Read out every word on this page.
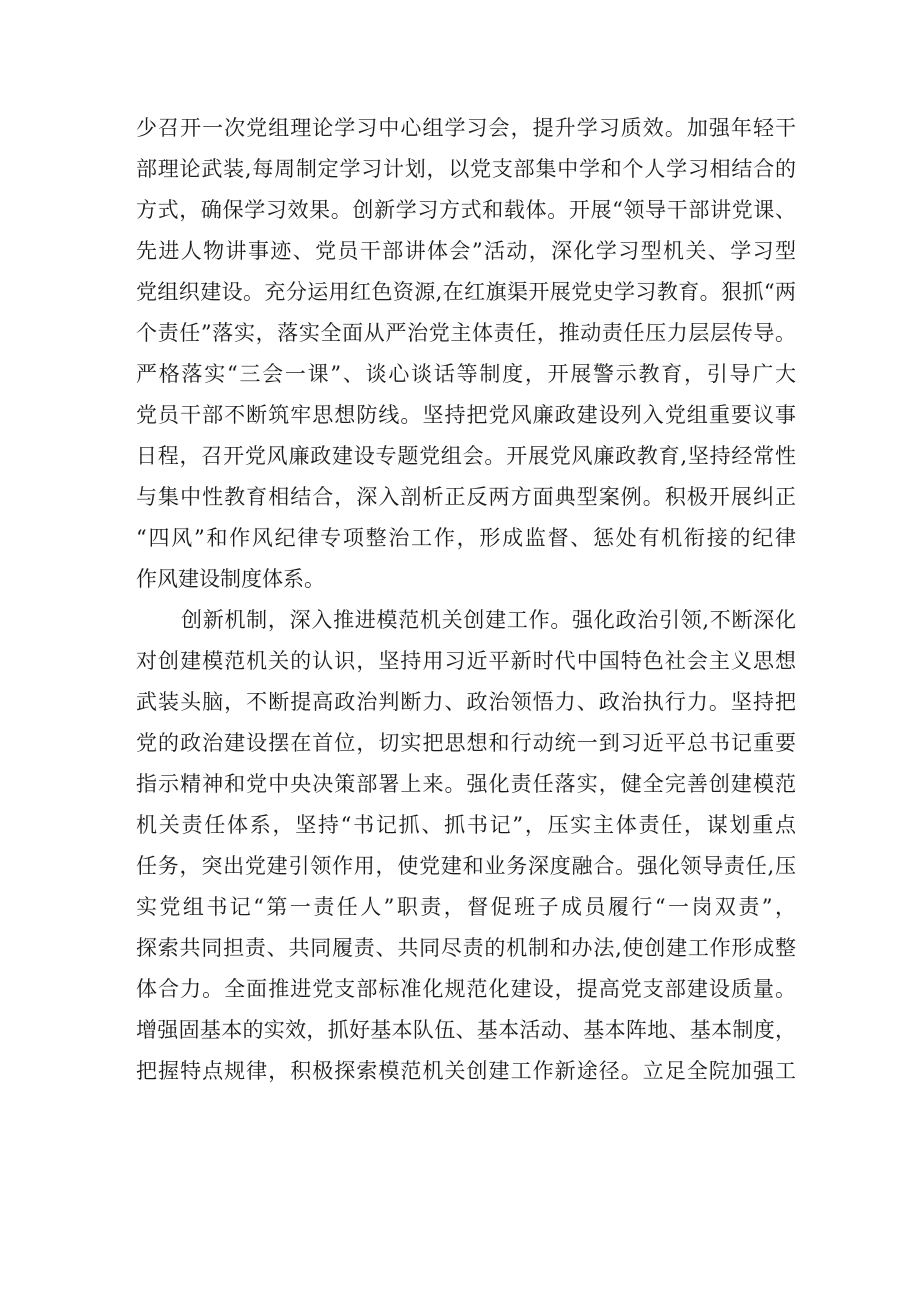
少召开一次党组理论学习中心组学习会，提升学习质效。加强年轻干
部理论武装,每周制定学习计划，以党支部集中学和个人学习相结合的
方式，确保学习效果。创新学习方式和载体。开展“领导干部讲党课、
先进人物讲事迹、党员干部讲体会”活动，深化学习型机关、学习型
党组织建设。充分运用红色资源,在红旗渠开展党史学习教育。狠抓“两
个责任”落实，落实全面从严治党主体责任，推动责任压力层层传导。
严格落实“三会一课”、谈心谈话等制度，开展警示教育，引导广大
党员干部不断筑牢思想防线。坚持把党风廉政建设列入党组重要议事
日程，召开党风廉政建设专题党组会。开展党风廉政教育,坚持经常性
与集中性教育相结合，深入剖析正反两方面典型案例。积极开展纠正
“四风”和作风纪律专项整治工作，形成监督、惩处有机衔接的纪律
作风建设制度体系。
创新机制，深入推进模范机关创建工作。强化政治引领,不断深化
对创建模范机关的认识，坚持用习近平新时代中国特色社会主义思想
武装头脑，不断提高政治判断力、政治领悟力、政治执行力。坚持把
党的政治建设摆在首位，切实把思想和行动统一到习近平总书记重要
指示精神和党中央决策部署上来。强化责任落实，健全完善创建模范
机关责任体系，坚持“书记抓、抓书记”，压实主体责任，谋划重点
任务，突出党建引领作用，使党建和业务深度融合。强化领导责任,压
实党组书记“第一责任人”职责，督促班子成员履行“一岗双责”，
探索共同担责、共同履责、共同尽责的机制和办法,使创建工作形成整
体合力。全面推进党支部标准化规范化建设，提高党支部建设质量。
增强固基本的实效，抓好基本队伍、基本活动、基本阵地、基本制度，
把握特点规律，积极探索模范机关创建工作新途径。立足全院加强工
